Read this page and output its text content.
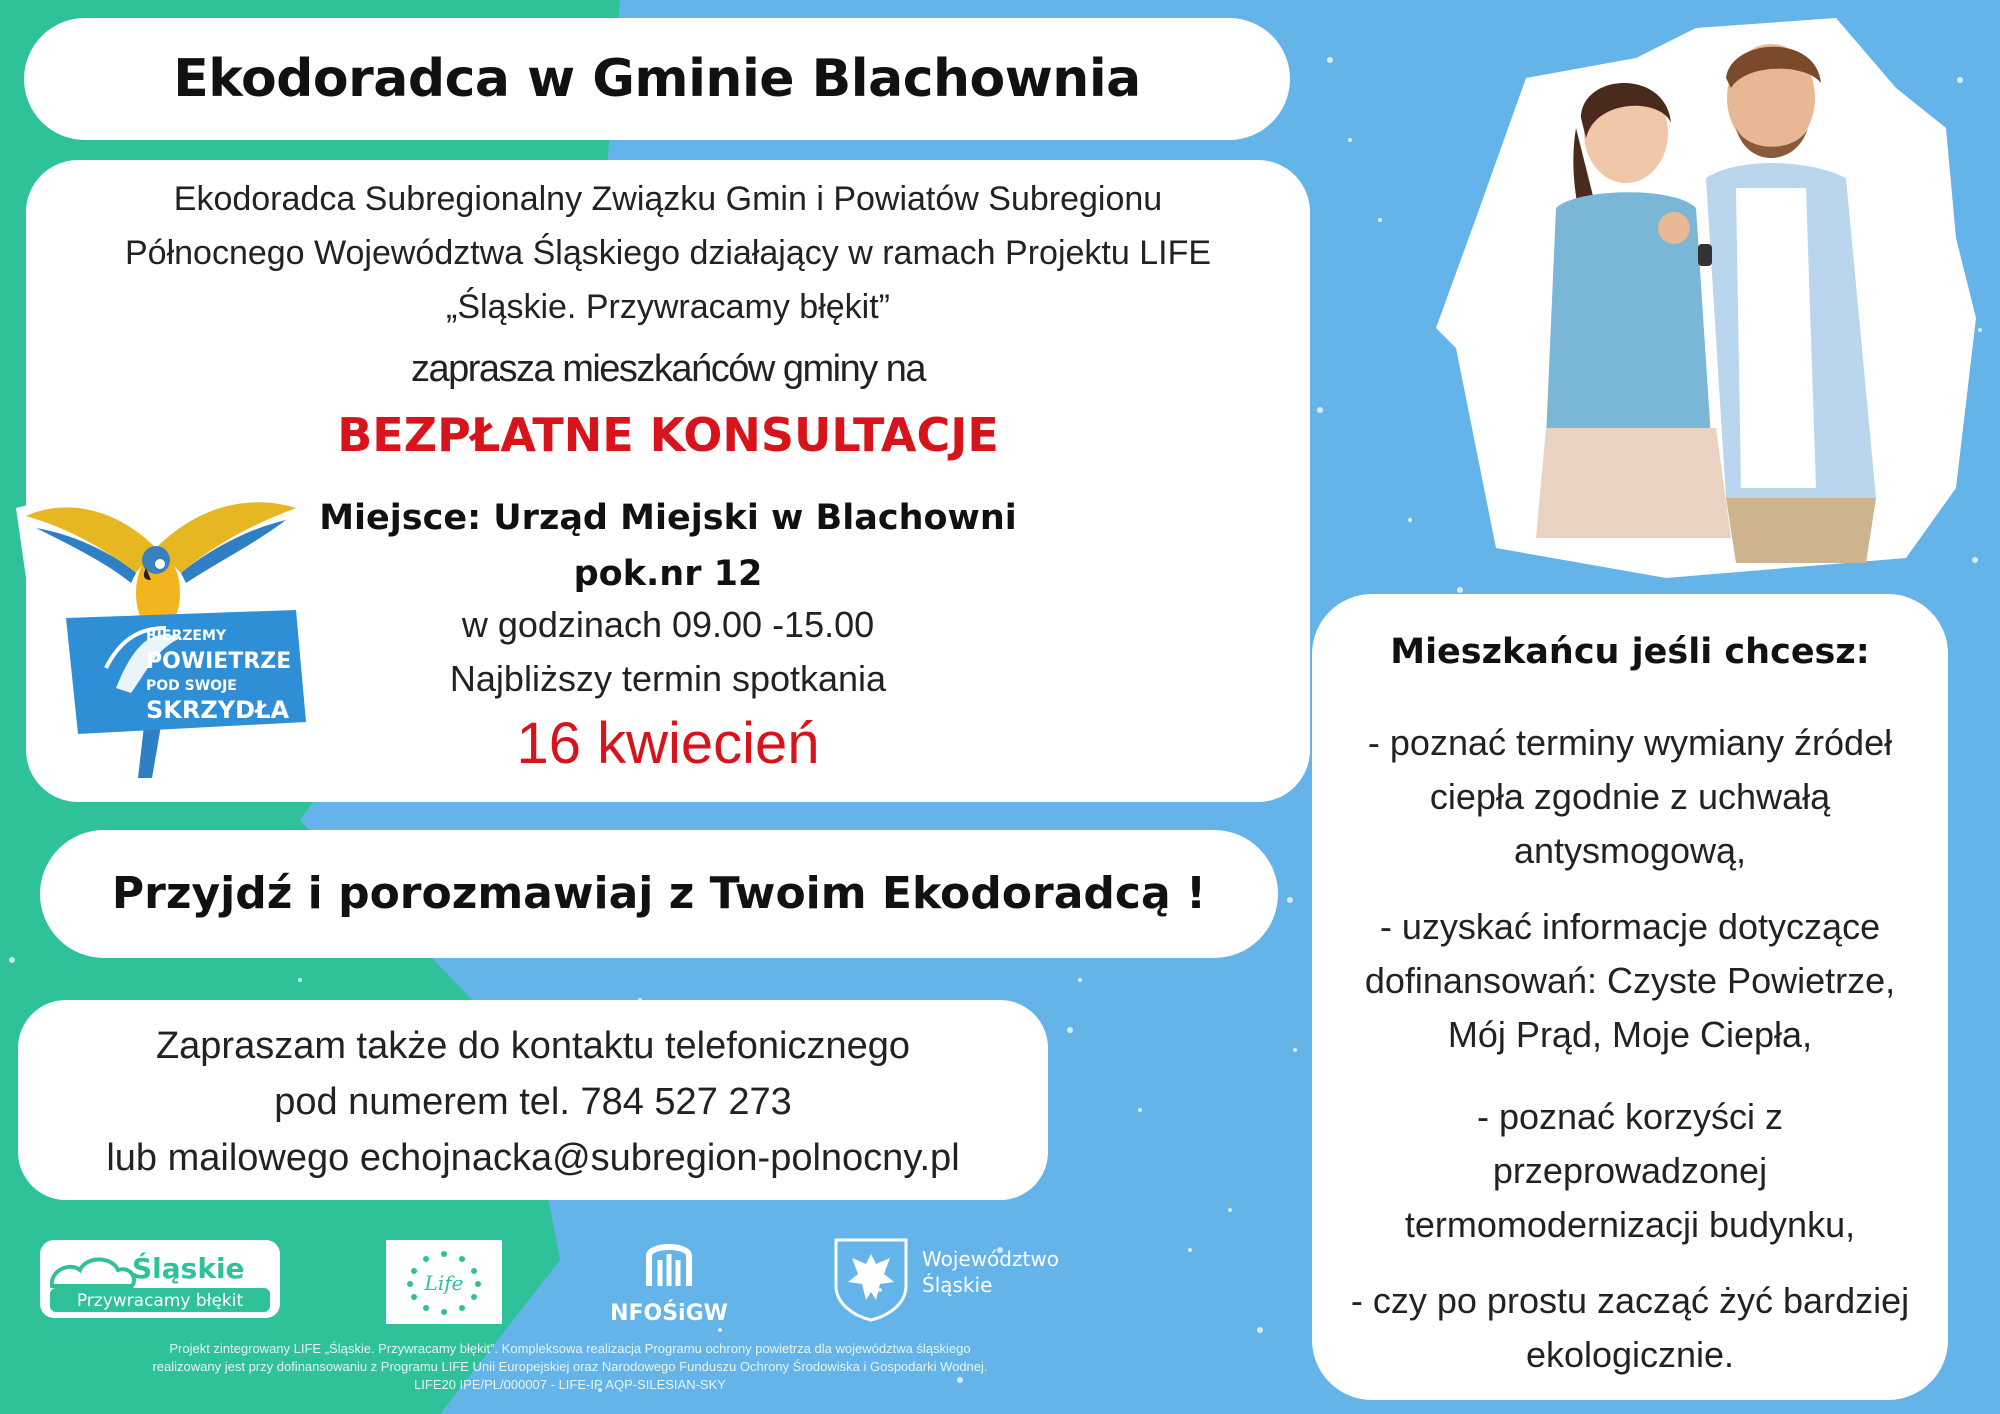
Ekodoradca w Gminie Blachownia
Ekodoradca Subregionalny Związku Gmin i Powiatów Subregionu
Północnego Województwa Śląskiego działający w ramach Projektu LIFE
„Śląskie. Przywracamy błękit”
zaprasza mieszkańców gminy na
BEZPŁATNE KONSULTACJE
Miejsce: Urząd Miejski w Blachowni
pok.nr 12
w godzinach 09.00 -15.00
Najbliższy termin spotkania
16 kwiecień
BIERZEMY
POWIETRZE
POD SWOJE
SKRZYDŁA
Przyjdź i porozmawiaj z Twoim Ekodoradcą !
Zapraszam także do kontaktu telefonicznego
pod numerem tel. 784 527 273
lub mailowego echojnacka@subregion-polnocny.pl
Mieszkańcu jeśli chcesz:
- poznać terminy wymiany źródeł
ciepła zgodnie z uchwałą
antysmogową,
- uzyskać informacje dotyczące
dofinansowań: Czyste Powietrze,
Mój Prąd, Moje Ciepła,
- poznać korzyści z
przeprowadzonej
termomodernizacji budynku,
- czy po prostu zacząć żyć bardziej
ekologicznie.
Śląskie
Przywracamy błękit
Life
NFOŚiGW
Województwo
Śląskie
Projekt zintegrowany LIFE „Śląskie. Przywracamy błękit”. Kompleksowa realizacja Programu ochrony powietrza dla województwa śląskiego
realizowany jest przy dofinansowaniu z Programu LIFE Unii Europejskiej oraz Narodowego Funduszu Ochrony Środowiska i Gospodarki Wodnej.
LIFE20 IPE/PL/000007 - LIFE-IP AQP-SILESIAN-SKY
